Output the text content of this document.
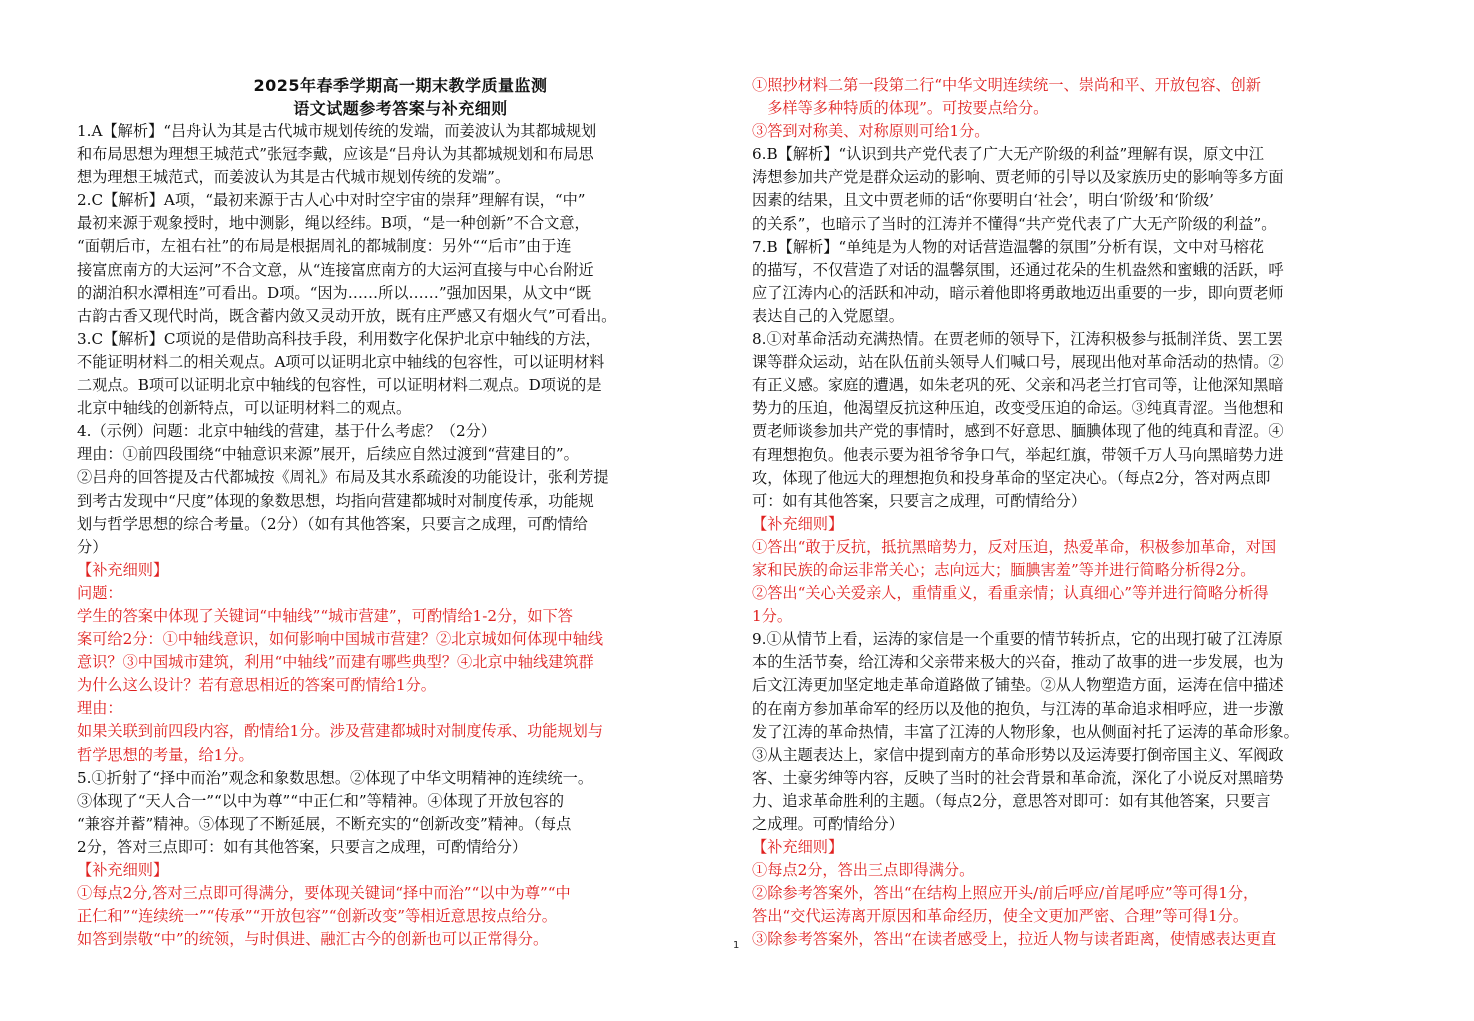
2025年春季学期高一期末教学质量监测
语文试题参考答案与补充细则
1.A【解析】“吕舟认为其是古代城市规划传统的发端，而姜波认为其都城规划
和布局思想为理想王城范式”张冠李戴，应该是“吕舟认为其都城规划和布局思
想为理想王城范式，而姜波认为其是古代城市规划传统的发端”。
2.C【解析】A项，“最初来源于古人心中对时空宇宙的崇拜”理解有误，“中”
最初来源于观象授时，地中测影，绳以经纬。B项，“是一种创新”不合文意，
“面朝后市，左祖右社”的布局是根据周礼的都城制度：另外““后市”由于连
接富庶南方的大运河”不合文意，从“连接富庶南方的大运河直接与中心台附近
的湖泊积水潭相连”可看出。D项。“因为……所以……”强加因果，从文中“既
古韵古香又现代时尚，既含蓄内敛又灵动开放，既有庄严感又有烟火气”可看出。
3.C【解析】C项说的是借助高科技手段，利用数字化保护北京中轴线的方法，
不能证明材料二的相关观点。A项可以证明北京中轴线的包容性，可以证明材料
二观点。B项可以证明北京中轴线的包容性，可以证明材料二观点。D项说的是
北京中轴线的创新特点，可以证明材料二的观点。
4.（示例）问题：北京中轴线的营建，基于什么考虑？（2分）
理由：①前四段围绕“中轴意识来源”展开，后续应自然过渡到“营建目的”。
②吕舟的回答提及古代都城按《周礼》布局及其水系疏浚的功能设计，张利芳提
到考古发现中“尺度”体现的象数思想，均指向营建都城时对制度传承，功能规
划与哲学思想的综合考量。（2分）（如有其他答案，只要言之成理，可酌情给
分）
【补充细则】
问题：
学生的答案中体现了关键词“中轴线”“城市营建”，可酌情给1-2分，如下答
案可给2分：①中轴线意识，如何影响中国城市营建？②北京城如何体现中轴线
意识？③中国城市建筑，利用“中轴线”而建有哪些典型？④北京中轴线建筑群
为什么这么设计？若有意思相近的答案可酌情给1分。
理由：
如果关联到前四段内容，酌情给1分。涉及营建都城时对制度传承、功能规划与
哲学思想的考量，给1分。
5.①折射了“择中而治”观念和象数思想。②体现了中华文明精神的连续统一。
③体现了“天人合一”“以中为尊”“中正仁和”等精神。④体现了开放包容的
“兼容并蓄”精神。⑤体现了不断延展，不断充实的“创新改变”精神。（每点
2分，答对三点即可：如有其他答案，只要言之成理，可酌情给分）
【补充细则】
①每点2分,答对三点即可得满分，要体现关键词“择中而治”“以中为尊”“中
正仁和”“连续统一”“传承”“开放包容”“创新改变”等相近意思按点给分。
如答到崇敬“中”的统领，与时俱进、融汇古今的创新也可以正常得分。
①照抄材料二第一段第二行“中华文明连续统一、崇尚和平、开放包容、创新
　多样等多种特质的体现”。可按要点给分。
③答到对称美、对称原则可给1分。
6.B【解析】“认识到共产党代表了广大无产阶级的利益”理解有误，原文中江
涛想参加共产党是群众运动的影响、贾老师的引导以及家族历史的影响等多方面
因素的结果，且文中贾老师的话“你要明白‘社会’，明白‘阶级’和‘阶级’
的关系”，也暗示了当时的江涛并不懂得“共产党代表了广大无产阶级的利益”。
7.B【解析】“单纯是为人物的对话营造温馨的氛围”分析有误，文中对马榕花
的描写，不仅营造了对话的温馨氛围，还通过花朵的生机盎然和蜜蛾的活跃，呼
应了江涛内心的活跃和冲动，暗示着他即将勇敢地迈出重要的一步，即向贾老师
表达自己的入党愿望。
8.①对革命活动充满热情。在贾老师的领导下，江涛积极参与抵制洋货、罢工罢
课等群众运动，站在队伍前头领导人们喊口号，展现出他对革命活动的热情。②
有正义感。家庭的遭遇，如朱老巩的死、父亲和冯老兰打官司等，让他深知黑暗
势力的压迫，他渴望反抗这种压迫，改变受压迫的命运。③纯真青涩。当他想和
贾老师谈参加共产党的事情时，感到不好意思、腼腆体现了他的纯真和青涩。④
有理想抱负。他表示要为祖爷爷争口气，举起红旗，带领千万人马向黑暗势力进
攻，体现了他远大的理想抱负和投身革命的坚定决心。（每点2分，答对两点即
可：如有其他答案，只要言之成理，可酌情给分）
【补充细则】
①答出“敢于反抗，抵抗黑暗势力，反对压迫，热爱革命，积极参加革命，对国
家和民族的命运非常关心；志向远大；腼腆害羞”等并进行简略分析得2分。
②答出“关心关爱亲人，重情重义，看重亲情；认真细心”等并进行简略分析得
1分。
9.①从情节上看，运涛的家信是一个重要的情节转折点，它的出现打破了江涛原
本的生活节奏，给江涛和父亲带来极大的兴奋，推动了故事的进一步发展，也为
后文江涛更加坚定地走革命道路做了铺垫。②从人物塑造方面，运涛在信中描述
的在南方参加革命军的经历以及他的抱负，与江涛的革命追求相呼应，进一步激
发了江涛的革命热情，丰富了江涛的人物形象，也从侧面衬托了运涛的革命形象。
③从主题表达上，家信中提到南方的革命形势以及运涛要打倒帝国主义、军阀政
客、土豪劣绅等内容，反映了当时的社会背景和革命流，深化了小说反对黑暗势
力、追求革命胜利的主题。（每点2分，意思答对即可：如有其他答案，只要言
之成理。可酌情给分）
【补充细则】
①每点2分，答出三点即得满分。
②除参考答案外，答出“在结构上照应开头/前后呼应/首尾呼应”等可得1分，
答出“交代运涛离开原因和革命经历，使全文更加严密、合理”等可得1分。
③除参考答案外，答出“在读者感受上，拉近人物与读者距离，使情感表达更直
1
